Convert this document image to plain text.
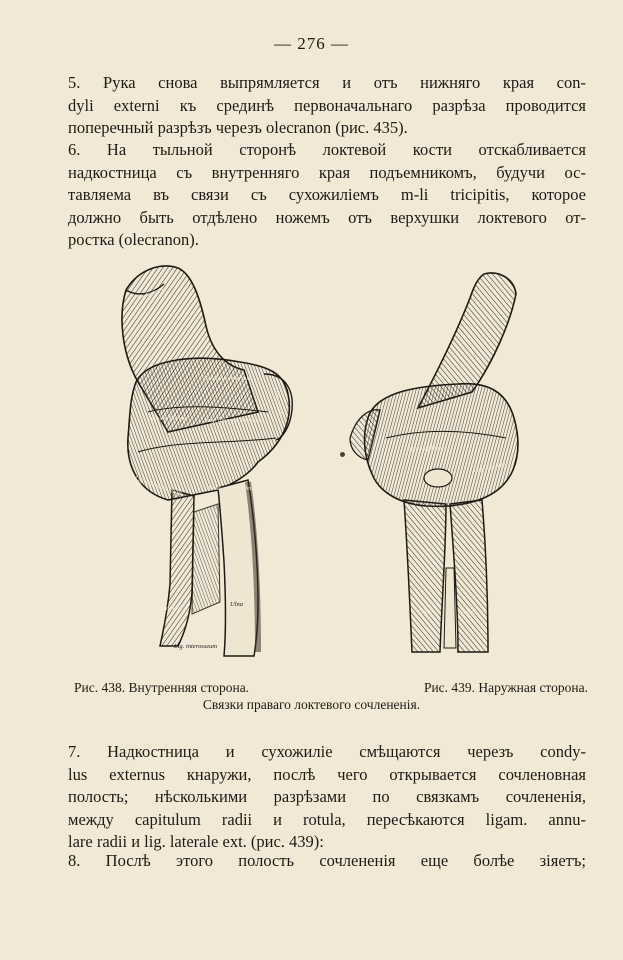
— 276 —
5. Рука снова выпрямляется и отъ нижняго края con-
dyli externi къ срединѣ первоначальнаго разрѣза проводится
поперечный разрѣзъ черезъ olecranon (рис. 435).
6. На тыльной сторонѣ локтевой кости отскабливается
надкостница съ внутренняго края подъемникомъ, будучи ос-
тавляема въ связи съ сухожиліемъ m-li tricipitis, которое
должно быть отдѣлено ножемъ отъ верхушки локтевого от-
ростка (olecranon).
Os humeri
Condylus internus
Capsula fibrosa	Lig. laterale internum
Olecranon
Lig. annulare radii	Proc. coronoideus
Radius
Ulna
Lig. interosseum
Capsula fibrosa
Lig. laterale
Ulna	Radius
Рис. 438. Внутренняя сторона.	Рис. 439. Наружная сторона.
Связки праваго локтевого сочлененія.
7. Надкостница и сухожиліе смѣщаются черезъ condy-
lus externus кнаружи, послѣ чего открывается сочленовная
полость; нѣсколькими разрѣзами по связкамъ сочлененія,
между capitulum radii и rotula, пересѣкаются ligam. annu-
lare radii и lig. laterale ext. (рис. 439):
8. Послѣ этого полость сочлененія еще болѣе зіяетъ;
